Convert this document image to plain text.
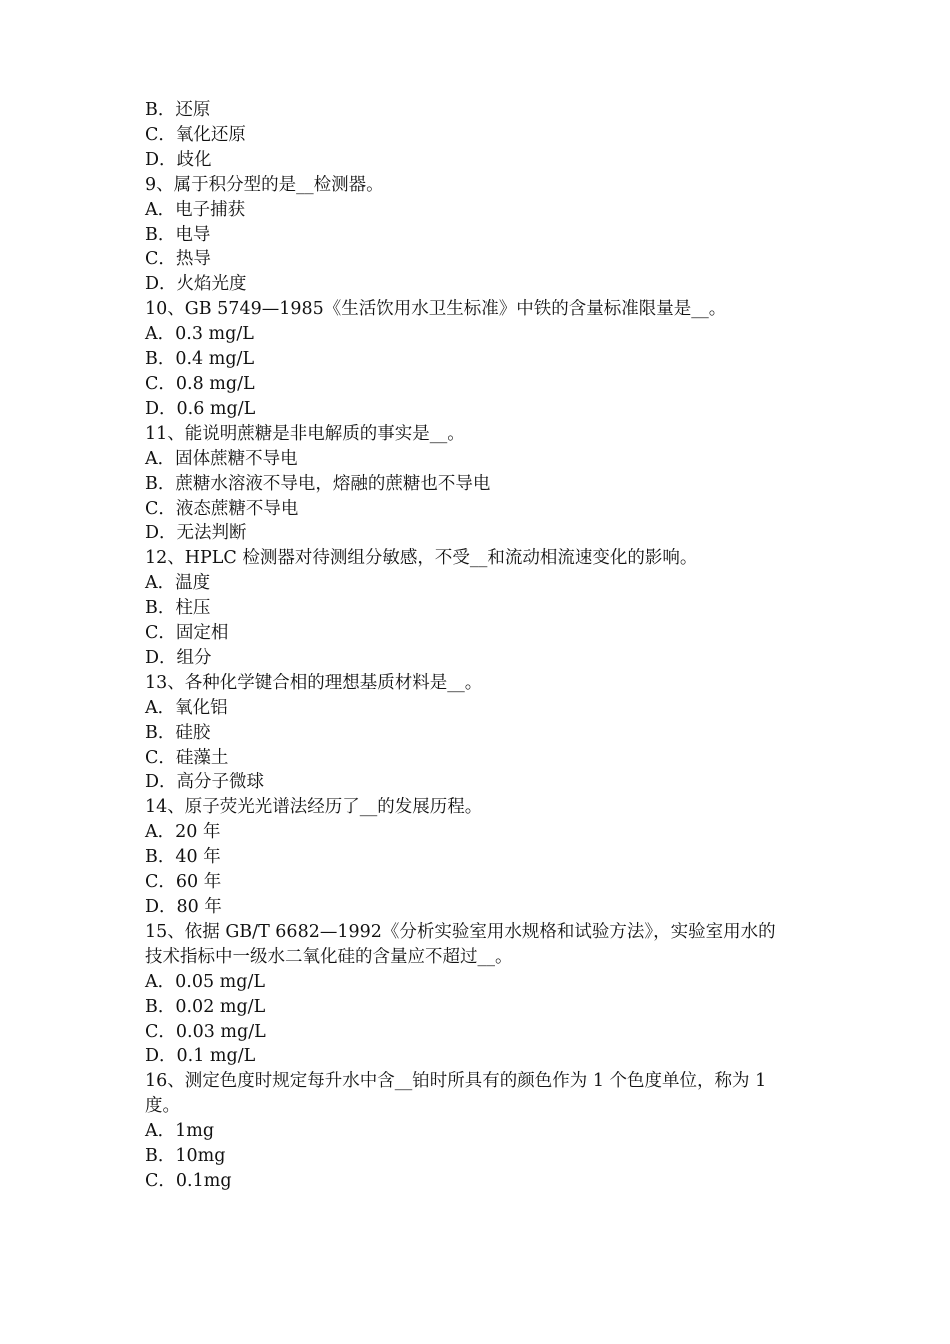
B．还原
C．氧化还原
D．歧化
9、属于积分型的是__检测器。
A．电子捕获
B．电导
C．热导
D．火焰光度
10、GB 5749—1985《生活饮用水卫生标准》中铁的含量标准限量是__。
A．0.3 mg/L
B．0.4 mg/L
C．0.8 mg/L
D．0.6 mg/L
11、能说明蔗糖是非电解质的事实是__。
A．固体蔗糖不导电
B．蔗糖水溶液不导电，熔融的蔗糖也不导电
C．液态蔗糖不导电
D．无法判断
12、HPLC 检测器对待测组分敏感，不受__和流动相流速变化的影响。
A．温度
B．柱压
C．固定相
D．组分
13、各种化学键合相的理想基质材料是__。
A．氧化铝
B．硅胶
C．硅藻土
D．高分子微球
14、原子荧光光谱法经历了__的发展历程。
A．20 年
B．40 年
C．60 年
D．80 年
15、依据 GB/T 6682—1992《分析实验室用水规格和试验方法》，实验室用水的
技术指标中一级水二氧化硅的含量应不超过__。
A．0.05 mg/L
B．0.02 mg/L
C．0.03 mg/L
D．0.1 mg/L
16、测定色度时规定每升水中含__铂时所具有的颜色作为 1 个色度单位，称为 1
度。
A．1mg
B．10mg
C．0.1mg
